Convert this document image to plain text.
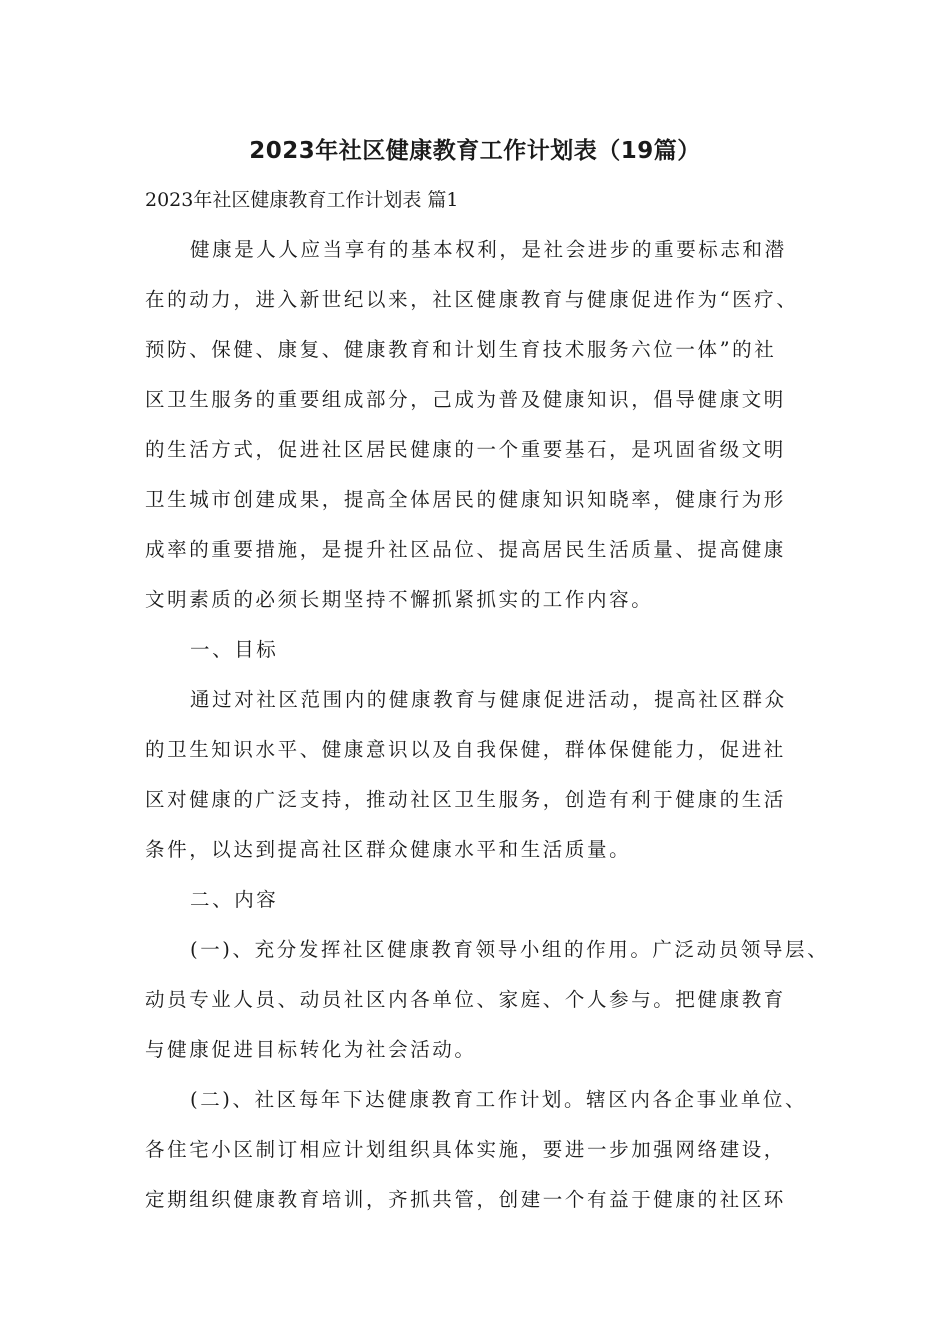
2023年社区健康教育工作计划表（19篇）
2023年社区健康教育工作计划表 篇1
健康是人人应当享有的基本权利，是社会进步的重要标志和潜
在的动力，进入新世纪以来，社区健康教育与健康促进作为“医疗、
预防、保健、康复、健康教育和计划生育技术服务六位一体”的社
区卫生服务的重要组成部分，己成为普及健康知识，倡导健康文明
的生活方式，促进社区居民健康的一个重要基石，是巩固省级文明
卫生城市创建成果，提高全体居民的健康知识知晓率，健康行为形
成率的重要措施，是提升社区品位、提高居民生活质量、提高健康
文明素质的必须长期坚持不懈抓紧抓实的工作内容。
一、目标
通过对社区范围内的健康教育与健康促进活动，提高社区群众
的卫生知识水平、健康意识以及自我保健，群体保健能力，促进社
区对健康的广泛支持，推动社区卫生服务，创造有利于健康的生活
条件，以达到提高社区群众健康水平和生活质量。
二、内容
(一)、充分发挥社区健康教育领导小组的作用。广泛动员领导层、
动员专业人员、动员社区内各单位、家庭、个人参与。把健康教育
与健康促进目标转化为社会活动。
(二)、社区每年下达健康教育工作计划。辖区内各企事业单位、
各住宅小区制订相应计划组织具体实施，要进一步加强网络建设，
定期组织健康教育培训，齐抓共管，创建一个有益于健康的社区环
